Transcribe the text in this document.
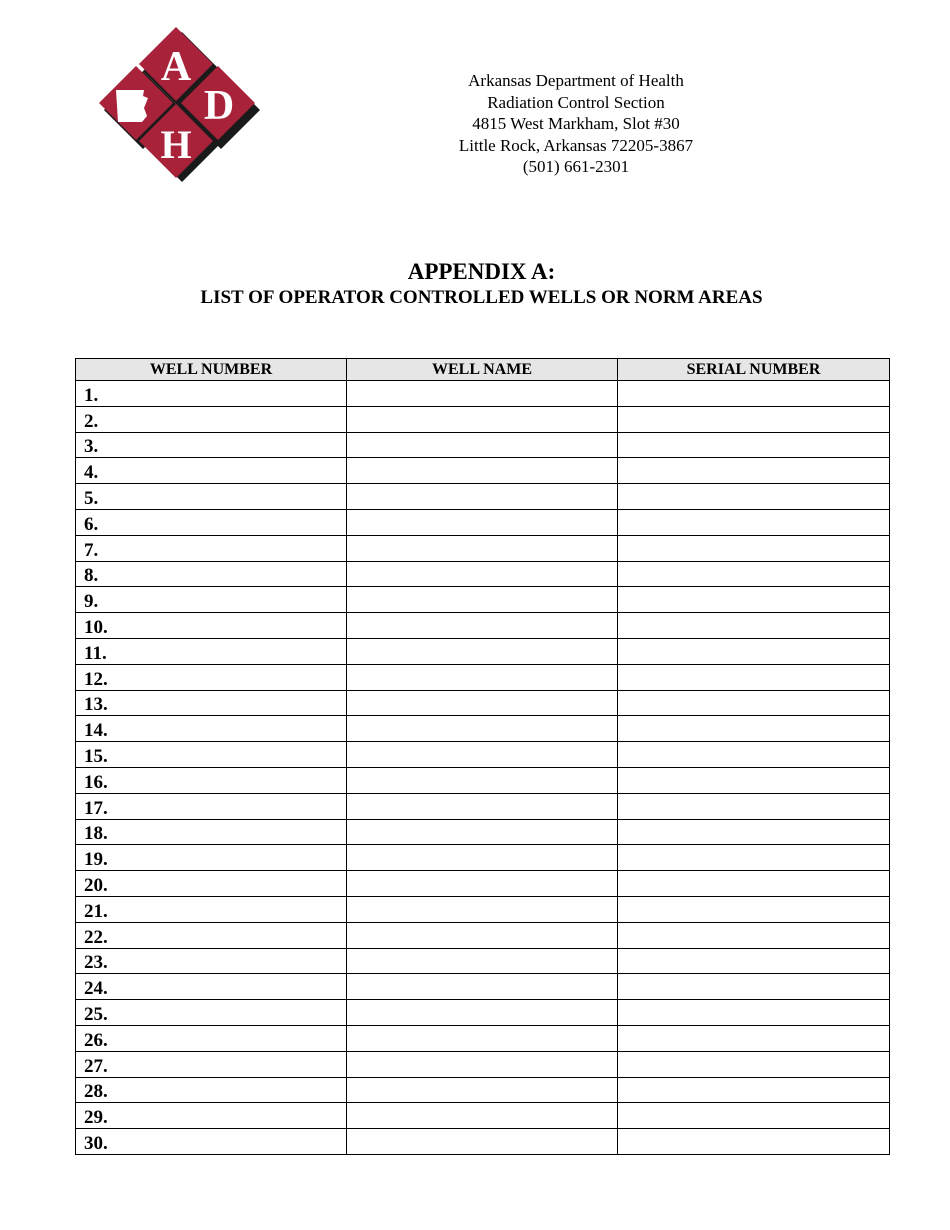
A
D
H
Arkansas Department of Health
Radiation Control Section
4815 West Markham, Slot #30
Little Rock, Arkansas 72205-3867
(501) 661-2301
APPENDIX A:
LIST OF OPERATOR CONTROLLED WELLS OR NORM AREAS
WELL NUMBER	WELL NAME	SERIAL NUMBER
1.		
2.		
3.		
4.		
5.		
6.		
7.		
8.		
9.		
10.		
11.		
12.		
13.		
14.		
15.		
16.		
17.		
18.		
19.		
20.		
21.		
22.		
23.		
24.		
25.		
26.		
27.		
28.		
29.		
30.		
